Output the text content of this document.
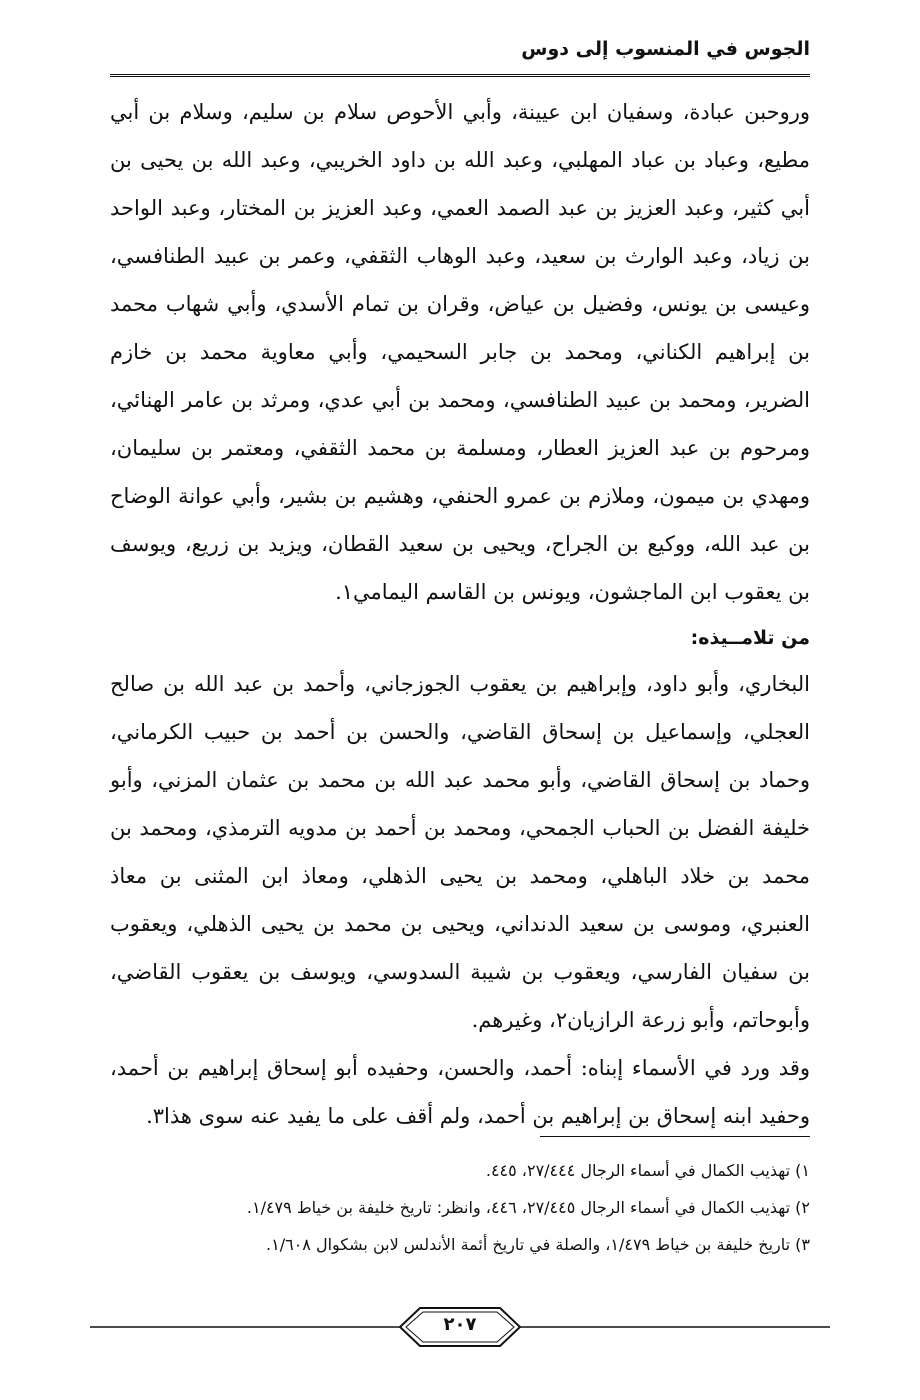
الجوس في المنسوب إلى دوس

وروحبن عبادة، وسفيان ابن عيينة، وأبي الأحوص سلام بن سليم، وسلام بن أبي مطيع، وعباد بن عباد المهلبي، وعبد الله بن داود الخريبي، وعبد الله بن يحيى بن أبي كثير، وعبد العزيز بن عبد الصمد العمي، وعبد العزيز بن المختار، وعبد الواحد بن زياد، وعبد الوارث بن سعيد، وعبد الوهاب الثقفي، وعمر بن عبيد الطنافسي، وعيسى بن يونس، وفضيل بن عياض، وقران بن تمام الأسدي، وأبي شهاب محمد بن إبراهيم الكناني، ومحمد بن جابر السحيمي، وأبي معاوية محمد بن خازم الضرير، ومحمد بن عبيد الطنافسي، ومحمد بن أبي عدي، ومرثد بن عامر الهنائي، ومرحوم بن عبد العزيز العطار، ومسلمة بن محمد الثقفي، ومعتمر بن سليمان، ومهدي بن ميمون، وملازم بن عمرو الحنفي، وهشيم بن بشير، وأبي عوانة الوضاح بن عبد الله، ووكيع بن الجراح، ويحيى بن سعيد القطان، ويزيد بن زريع، ويوسف بن يعقوب ابن الماجشون، ويونس بن القاسم اليمامي١.

من تلامــيذه:

البخاري، وأبو داود، وإبراهيم بن يعقوب الجوزجاني، وأحمد بن عبد الله بن صالح العجلي، وإسماعيل بن إسحاق القاضي، والحسن بن أحمد بن حبيب الكرماني، وحماد بن إسحاق القاضي، وأبو محمد عبد الله بن محمد بن عثمان المزني، وأبو خليفة الفضل بن الحباب الجمحي، ومحمد بن أحمد بن مدويه الترمذي، ومحمد بن محمد بن خلاد الباهلي، ومحمد بن يحيى الذهلي، ومعاذ ابن المثنى بن معاذ العنبري، وموسى بن سعيد الدنداني، ويحيى بن محمد بن يحيى الذهلي، ويعقوب بن سفيان الفارسي، ويعقوب بن شيبة السدوسي، ويوسف بن يعقوب القاضي، وأبوحاتم، وأبو زرعة الرازيان٢، وغيرهم.

وقد ورد في الأسماء إبناه: أحمد، والحسن، وحفيده أبو إسحاق إبراهيم بن أحمد، وحفيد ابنه إسحاق بن إبراهيم بن أحمد، ولم أقف على ما يفيد عنه سوى هذا٣.

١) تهذيب الكمال في أسماء الرجال ٢٧/٤٤٤، ٤٤٥.

٢) تهذيب الكمال في أسماء الرجال ٢٧/٤٤٥، ٤٤٦، وانظر: تاريخ خليفة بن خياط ١/٤٧٩.

٣) تاريخ خليفة بن خياط ١/٤٧٩، والصلة في تاريخ أئمة الأندلس لابن بشكوال ١/٦٠٨.

٢٠٧
